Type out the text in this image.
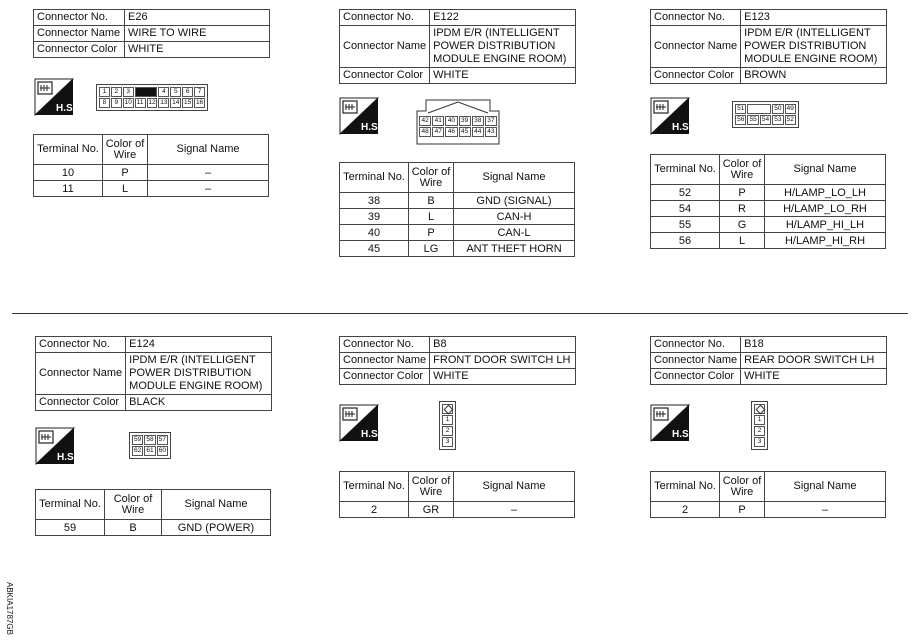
Connector No.	E26
Connector Name	WIRE TO WIRE
Connector Color	WHITE
H.S.
1	2	3	4	5	6	7
8	9 10 11 12 13 14 15 16
Terminal No.	Color of Wire	Signal Name
10	P	–
11	L	–
Connector No.	E122
Connector Name	IPDM E/R (INTELLIGENT
POWER DISTRIBUTION
MODULE ENGINE ROOM)
Connector Color	WHITE
H.S.
42 41 40 39 38 37
48 47 46 45 44 43
Terminal No.	Color of Wire	Signal Name
38	B	GND (SIGNAL)
39	L	CAN-H
40	P	CAN-L
45	LG	ANT THEFT HORN
Connector No.	E123
Connector Name	IPDM E/R (INTELLIGENT
POWER DISTRIBUTION
MODULE ENGINE ROOM)
Connector Color	BROWN
H.S.
51	50 49
56 55 54 53 52
Terminal No.	Color of Wire	Signal Name
52	P	H/LAMP_LO_LH
54	R	H/LAMP_LO_RH
55	G	H/LAMP_HI_LH
56	L	H/LAMP_HI_RH
Connector No.	E124
Connector Name	IPDM E/R (INTELLIGENT
POWER DISTRIBUTION
MODULE ENGINE ROOM)
Connector Color	BLACK
H.S.
59 58 57
62 61 60
Terminal No.	Color of Wire	Signal Name
59	B	GND (POWER)
Connector No.	B8
Connector Name	FRONT DOOR SWITCH LH
Connector Color	WHITE
H.S.
1
2
3
Terminal No.	Color of Wire	Signal Name
2	GR	–
Connector No.	B18
Connector Name	REAR DOOR SWITCH LH
Connector Color	WHITE
H.S.
1
2
3
Terminal No.	Color of Wire	Signal Name
2	P	–
ABKIA1787GB
